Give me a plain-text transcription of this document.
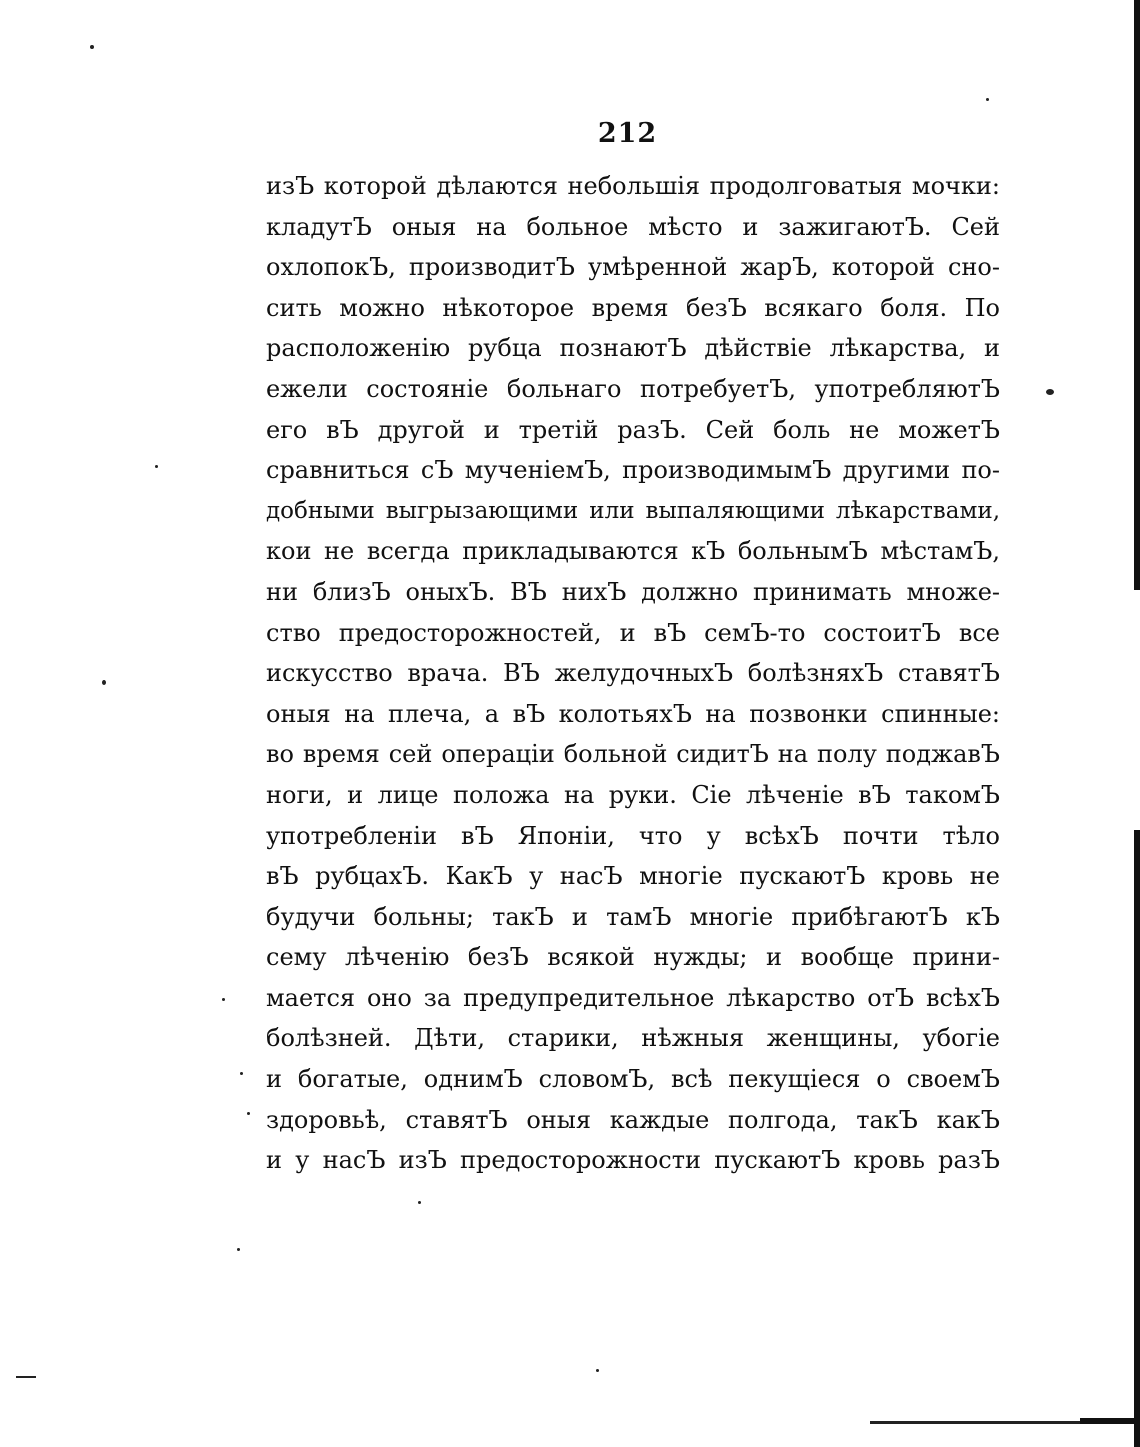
212
изЪ которой дѣлаются небольшія продолговатыя мочки:
кладутЪ оныя на больное мѣсто и зажигаютЪ. Сей
охлопокЪ, производитЪ умѣренной жарЪ, которой сно-
сить можно нѣкоторое время безЪ всякаго боля. По
расположенію рубца познаютЪ дѣйствіе лѣкарства, и
ежели состояніе больнаго потребуетЪ, употребляютЪ
его вЪ другой и третій разЪ. Сей боль не можетЪ
сравниться сЪ мученіемЪ, производимымЪ другими по-
добными выгрызающими или выпаляющими лѣкарствами,
кои не всегда прикладываются кЪ больнымЪ мѣстамЪ,
ни близЪ оныхЪ. ВЪ нихЪ должно принимать множе-
ство предосторожностей, и вЪ семЪ-то состоитЪ все
искусство врача. ВЪ желудочныхЪ болѣзняхЪ ставятЪ
оныя на плеча, а вЪ колотьяхЪ на позвонки спинные:
во время сей операціи больной сидитЪ на полу поджавЪ
ноги, и лице положа на руки. Сіе лѣченіе вЪ такомЪ
употребленіи вЪ Японіи, что у всѣхЪ почти тѣло
вЪ рубцахЪ. КакЪ у насЪ многіе пускаютЪ кровь не
будучи больны; такЪ и тамЪ многіе прибѣгаютЪ кЪ
сему лѣченію безЪ всякой нужды; и вообще прини-
мается оно за предупредительное лѣкарство отЪ всѣхЪ
болѣзней. Дѣти, старики, нѣжныя женщины, убогіе
и богатые, однимЪ словомЪ, всѣ пекущіеся о своемЪ
здоровьѣ, ставятЪ оныя каждые полгода, такЪ какЪ
и у насЪ изЪ предосторожности пускаютЪ кровь разЪ
